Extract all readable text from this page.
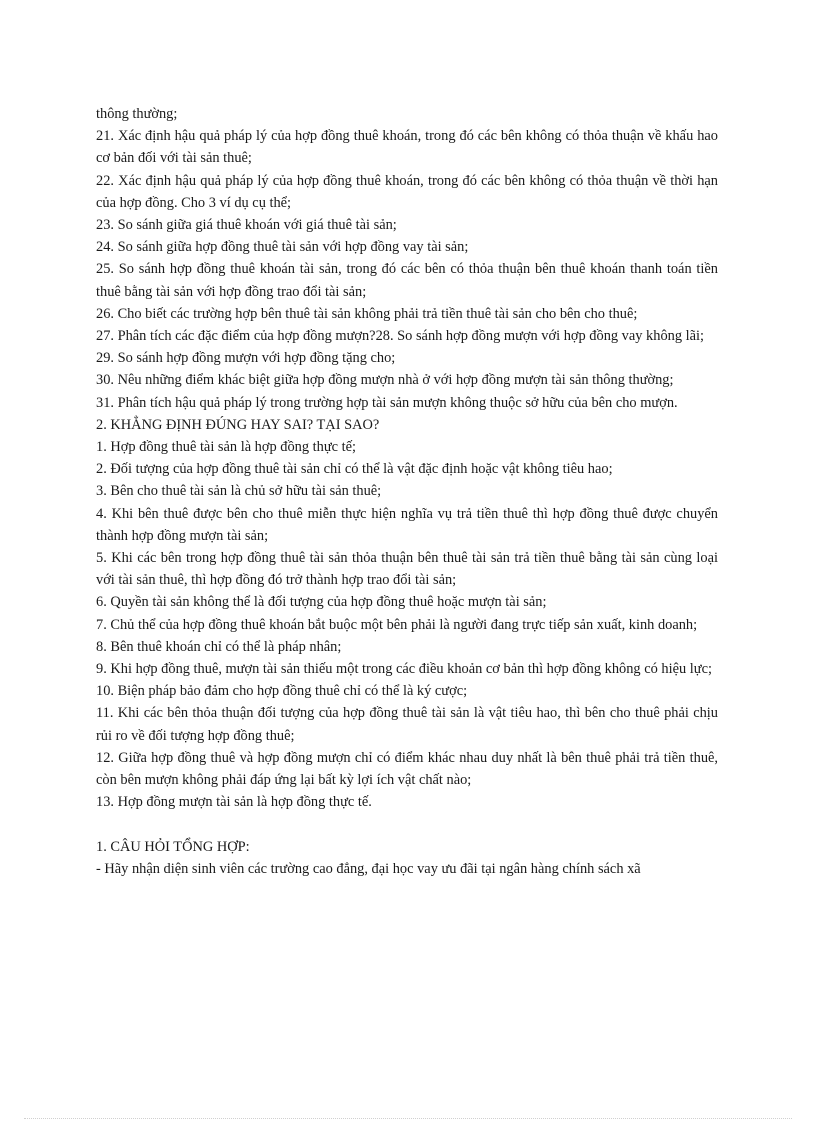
thông thường;

21. Xác định hậu quả pháp lý của hợp đồng thuê khoán, trong đó các bên không có thỏa thuận về khấu hao cơ bản đối với tài sản thuê;

22. Xác định hậu quả pháp lý của hợp đồng thuê khoán, trong đó các bên không có thỏa thuận về thời hạn của hợp đồng. Cho 3 ví dụ cụ thể;

23. So sánh giữa giá thuê khoán với giá thuê tài sản;

24. So sánh giữa hợp đồng thuê tài sản với hợp đồng vay tài sản;

25. So sánh hợp đồng thuê khoán tài sản, trong đó các bên có thỏa thuận bên thuê khoán thanh toán tiền thuê bằng tài sản với hợp đồng trao đổi tài sản;

26. Cho biết các trường hợp bên thuê tài sản không phải trả tiền thuê tài sản cho bên cho thuê;

27. Phân tích các đặc điểm của hợp đồng mượn?28. So sánh hợp đồng mượn với hợp đồng vay không lãi;

29. So sánh hợp đồng mượn với hợp đồng tặng cho;

30. Nêu những điểm khác biệt giữa hợp đồng mượn nhà ở với hợp đồng mượn tài sản thông thường;

31. Phân tích hậu quả pháp lý trong trường hợp tài sản mượn không thuộc sở hữu của bên cho mượn.

2. KHẲNG ĐỊNH ĐÚNG HAY SAI? TẠI SAO?

1. Hợp đồng thuê tài sản là hợp đồng thực tế;

2. Đối tượng của hợp đồng thuê tài sản chỉ có thể là vật đặc định hoặc vật không tiêu hao;

3. Bên cho thuê tài sản là chủ sở hữu tài sản thuê;

4. Khi bên thuê được bên cho thuê miễn thực hiện nghĩa vụ trả tiền thuê thì hợp đồng thuê được chuyển thành hợp đồng mượn tài sản;

5. Khi các bên trong hợp đồng thuê tài sản thỏa thuận bên thuê tài sản trả tiền thuê bằng tài sản cùng loại với tài sản thuê, thì hợp đồng đó trở thành hợp trao đổi tài sản;

6. Quyền tài sản không thể là đối tượng của hợp đồng thuê hoặc mượn tài sản;

7. Chủ thể của hợp đồng thuê khoán bắt buộc một bên phải là người đang trực tiếp sản xuất, kinh doanh;

8. Bên thuê khoán chỉ có thể là pháp nhân;

9. Khi hợp đồng thuê, mượn tài sản thiếu một trong các điều khoản cơ bản thì hợp đồng không có hiệu lực;

10. Biện pháp bảo đảm cho hợp đồng thuê chỉ có thể là ký cược;

11. Khi các bên thỏa thuận đối tượng của hợp đồng thuê tài sản là vật tiêu hao, thì bên cho thuê phải chịu rủi ro về đối tượng hợp đồng thuê;

12. Giữa hợp đồng thuê và hợp đồng mượn chỉ có điểm khác nhau duy nhất là bên thuê phải trả tiền thuê, còn bên mượn không phải đáp ứng lại bất kỳ lợi ích vật chất nào;

13. Hợp đồng mượn tài sản là hợp đồng thực tế.

1. CÂU HỎI TỔNG HỢP:

- Hãy nhận diện sinh viên các trường cao đẳng, đại học vay ưu đãi tại ngân hàng chính sách xã
